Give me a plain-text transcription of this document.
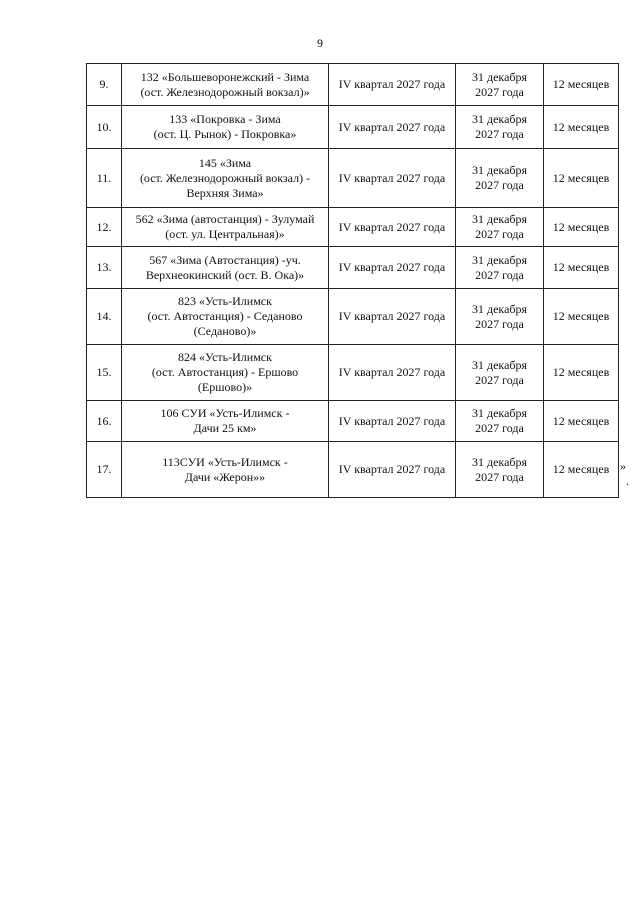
9
9.	132 «Большеворонежский - Зима
(ост. Железнодорожный вокзал)»	IV квартал 2027 года	31 декабря
2027 года	12 месяцев
10.	133 «Покровка - Зима
(ост. Ц. Рынок) - Покровка»	IV квартал 2027 года	31 декабря
2027 года	12 месяцев
11.	145 «Зима
(ост. Железнодорожный вокзал) -
Верхняя Зима»	IV квартал 2027 года	31 декабря
2027 года	12 месяцев
12.	562 «Зима (автостанция) - Зулумай
(ост. ул. Центральная)»	IV квартал 2027 года	31 декабря
2027 года	12 месяцев
13.	567 «Зима (Автостанция) -уч.
Верхнеокинский (ост. В. Ока)»	IV квартал 2027 года	31 декабря
2027 года	12 месяцев
14.	823 «Усть-Илимск
(ост. Автостанция) - Седаново
(Седаново)»	IV квартал 2027 года	31 декабря
2027 года	12 месяцев
15.	824 «Усть-Илимск
(ост. Автостанция) - Ершово
(Ершово)»	IV квартал 2027 года	31 декабря
2027 года	12 месяцев
16.	106 СУИ «Усть-Илимск -
Дачи 25 км»	IV квартал 2027 года	31 декабря
2027 года	12 месяцев
17.	113СУИ «Усть-Илимск -
Дачи «Жерон»»	IV квартал 2027 года	31 декабря
2027 года	12 месяцев »
.
